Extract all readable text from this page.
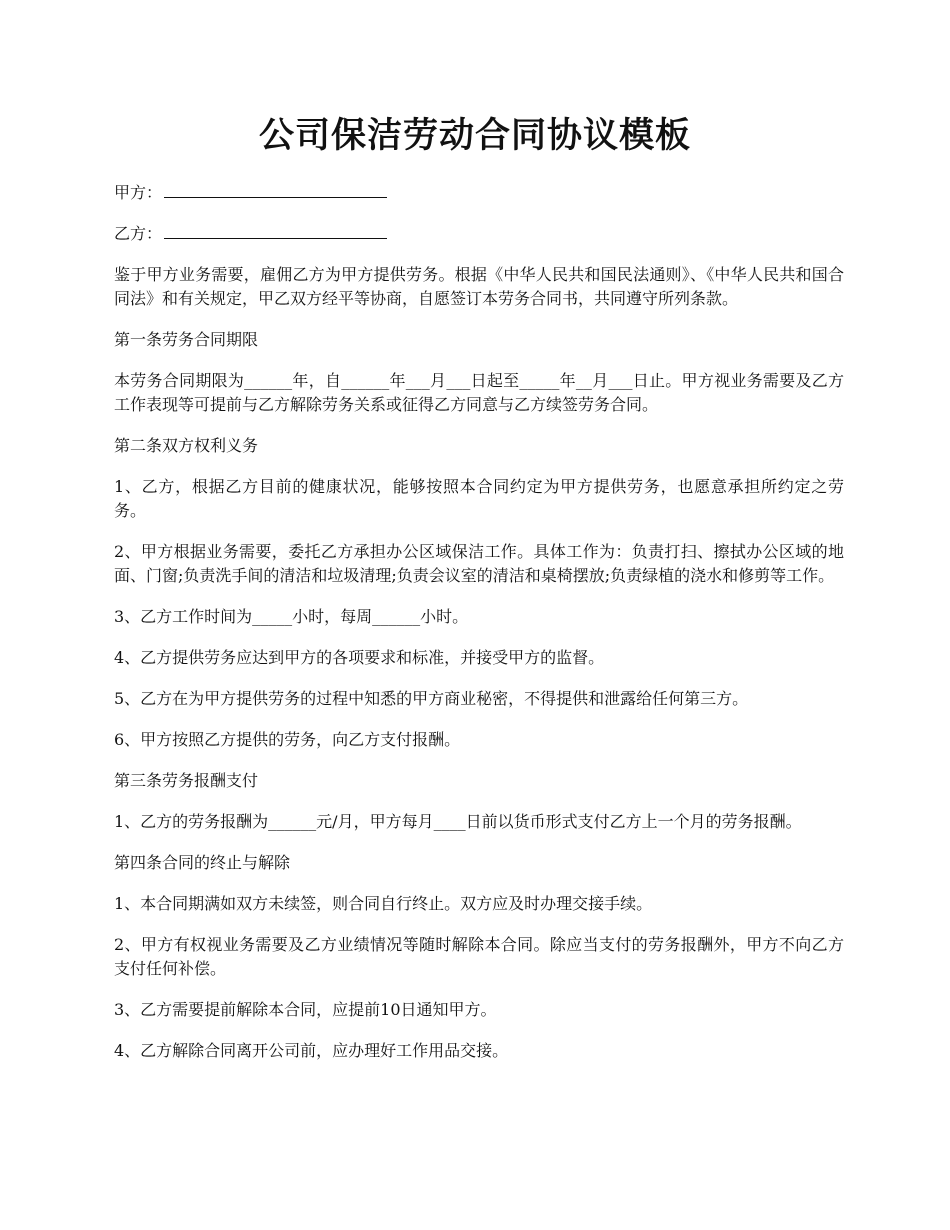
公司保洁劳动合同协议模板

甲方：

乙方：

鉴于甲方业务需要，雇佣乙方为甲方提供劳务。根据《中华人民共和国民法通则》、《中华人民共和国合同法》和有关规定，甲乙双方经平等协商，自愿签订本劳务合同书，共同遵守所列条款。

第一条劳务合同期限

本劳务合同期限为______年，自______年___月___日起至_____年__月___日止。甲方视业务需要及乙方工作表现等可提前与乙方解除劳务关系或征得乙方同意与乙方续签劳务合同。

第二条双方权利义务

1、乙方，根据乙方目前的健康状况，能够按照本合同约定为甲方提供劳务，也愿意承担所约定之劳务。

2、甲方根据业务需要，委托乙方承担办公区域保洁工作。具体工作为：负责打扫、擦拭办公区域的地面、门窗;负责洗手间的清洁和垃圾清理;负责会议室的清洁和桌椅摆放;负责绿植的浇水和修剪等工作。

3、乙方工作时间为_____小时，每周______小时。

4、乙方提供劳务应达到甲方的各项要求和标准，并接受甲方的监督。

5、乙方在为甲方提供劳务的过程中知悉的甲方商业秘密，不得提供和泄露给任何第三方。

6、甲方按照乙方提供的劳务，向乙方支付报酬。

第三条劳务报酬支付

1、乙方的劳务报酬为______元/月，甲方每月____日前以货币形式支付乙方上一个月的劳务报酬。

第四条合同的终止与解除

1、本合同期满如双方未续签，则合同自行终止。双方应及时办理交接手续。

2、甲方有权视业务需要及乙方业绩情况等随时解除本合同。除应当支付的劳务报酬外，甲方不向乙方支付任何补偿。

3、乙方需要提前解除本合同，应提前10日通知甲方。

4、乙方解除合同离开公司前，应办理好工作用品交接。
